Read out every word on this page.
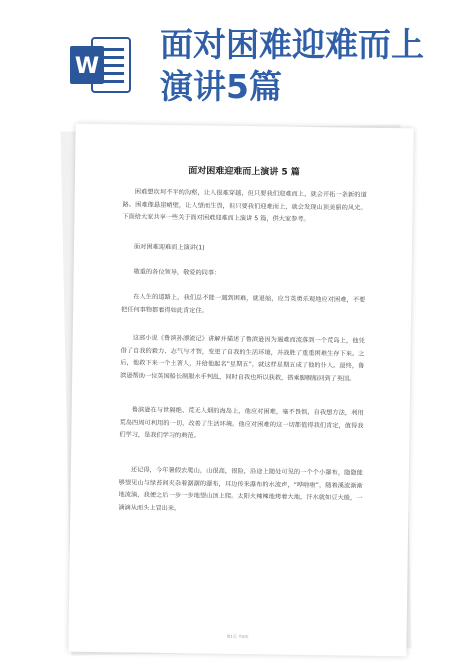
W
面对困难迎难而上
演讲5篇
面对困难迎难而上演讲 5 篇
困难想坎坷不平的沟壑，让人很难穿越，但只要我们迎难而上，就会开拓一条新的道路。困难像悬崖峭壁，让人望而生畏，但只要我们迎难而上，就会发现山顶美丽的风光。下面给大家共享一些关于面对困难迎难而上演讲 5 篇，供大家参考。
面对困难迎难而上演讲(1)
敬重的各位领导，敬爱的同事：
在人生的道路上，我们总不能一遇到困难，就退缩，应当英勇乐观地应对困难，不要把任何事物都看得如此肯定住。
这部小说《鲁滨孙漂流记》讲解并描述了鲁滨逊因为遇难而流落到一个荒岛上，他凭借了自我的毅力、志气与才智，变更了自我的生活环境，并战胜了重重困难生存下来。之后，他救下来一个土著人，并给他起名“星期五”，就这样星期五成了他的仆人。最终，鲁滨逊帮助一位英国船长制服水手判乱，同时自我也所以获救，搭乘脚艘船回到了英国。
鲁滨逊在与世隔绝、荒无人烟的海岛上，他应对困难，毫不畏惧，自我想方法，利用荒岛四周可利用的一切，改善了生活环境。他应对困难的这一切都值得我们肯定，值得我们学习，是我们学习的典范。
还记得，今年暑假去爬山，山很高，很险，沿途上随处可见的一个个小瀑布，隐隐能够望见山与绿苔间夹杂着潺潺的瀑布，耳边传来瀑布的水流声，“哗啦啦”，随着溪流渐渐地流淌，我便之后一步一步地望山顶上爬。太阳火辣辣地烤着大地，汗水就如豆大般，一滴滴从而头上冒出来。
第1页 共8页
